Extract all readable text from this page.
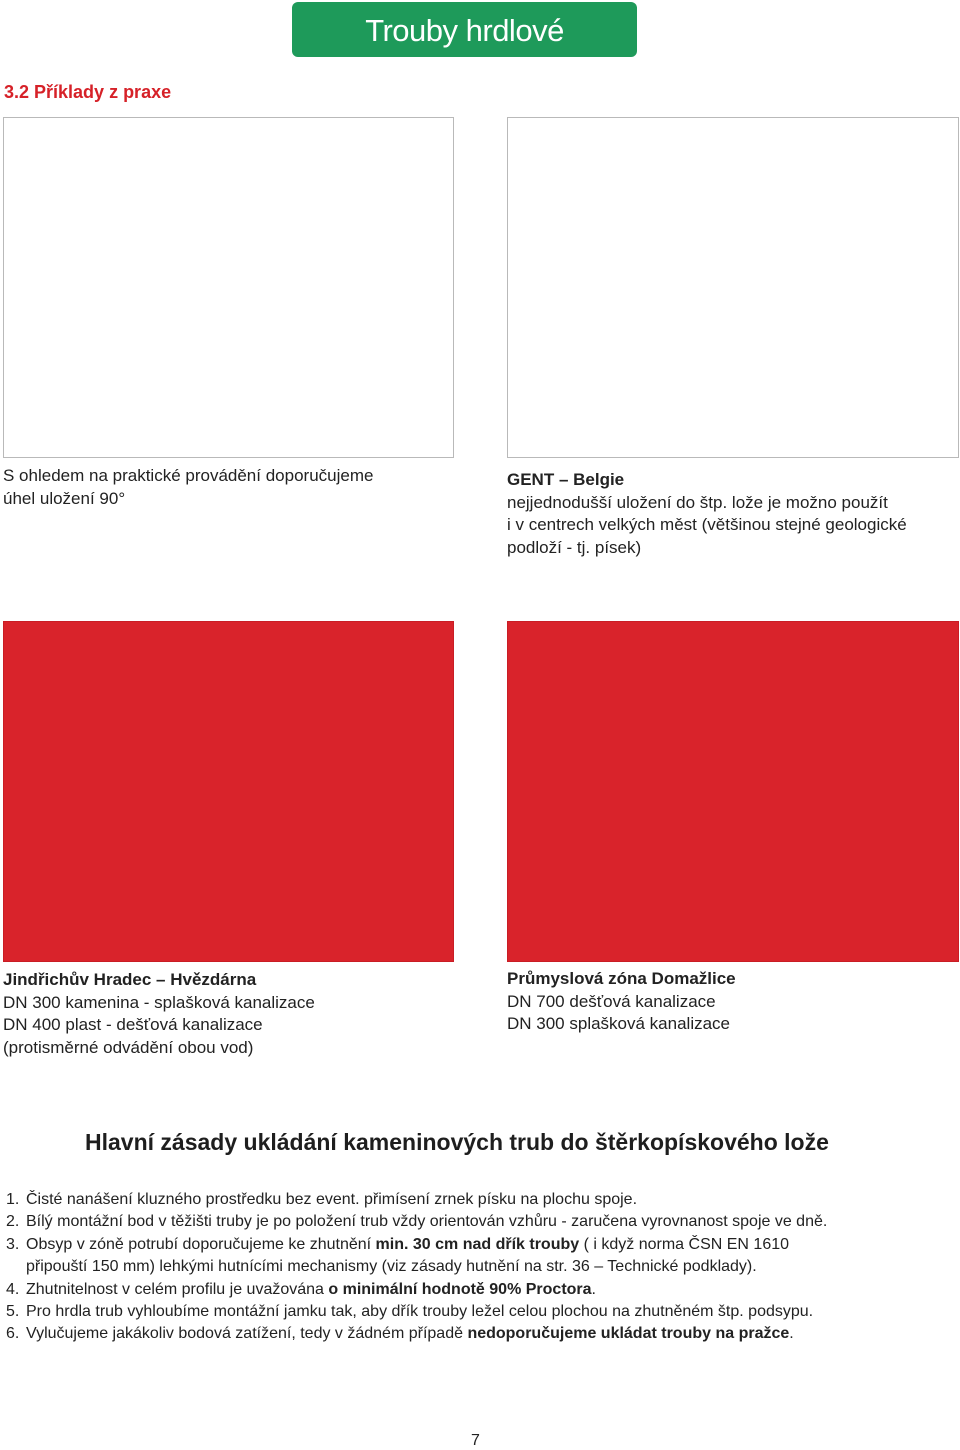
Trouby hrdlové
3.2 Příklady z praxe
S ohledem na praktické provádění doporučujeme
úhel uložení 90°
GENT – Belgie
nejjednodušší uložení do štp. lože je možno použít
i v centrech velkých měst (většinou stejné geologické
podloží - tj. písek)
Jindřichův Hradec – Hvězdárna
DN 300 kamenina - splašková kanalizace
DN 400 plast - dešťová kanalizace
(protisměrné odvádění obou vod)
Průmyslová zóna Domažlice
DN 700 dešťová kanalizace
DN 300 splašková kanalizace
Hlavní zásady ukládání kameninových trub do štěrkopískového lože
1. Čisté nanášení kluzného prostředku bez event. přimísení zrnek písku na plochu spoje.
2. Bílý montážní bod v těžišti truby je po položení trub vždy orientován vzhůru - zaručena vyrovnanost spoje ve dně.
3. Obsyp v zóně potrubí doporučujeme ke zhutnění min. 30 cm nad dřík trouby ( i když norma ČSN EN 1610
připouští 150 mm) lehkými hutnícími mechanismy (viz zásady hutnění na str. 36 – Technické podklady).
4. Zhutnitelnost v celém profilu je uvažována o minimální hodnotě 90% Proctora.
5. Pro hrdla trub vyhloubíme montážní jamku tak, aby dřík trouby ležel celou plochou na zhutněném štp. podsypu.
6. Vylučujeme jakákoliv bodová zatížení, tedy v žádném případě nedoporučujeme ukládat trouby na pražce.
7
